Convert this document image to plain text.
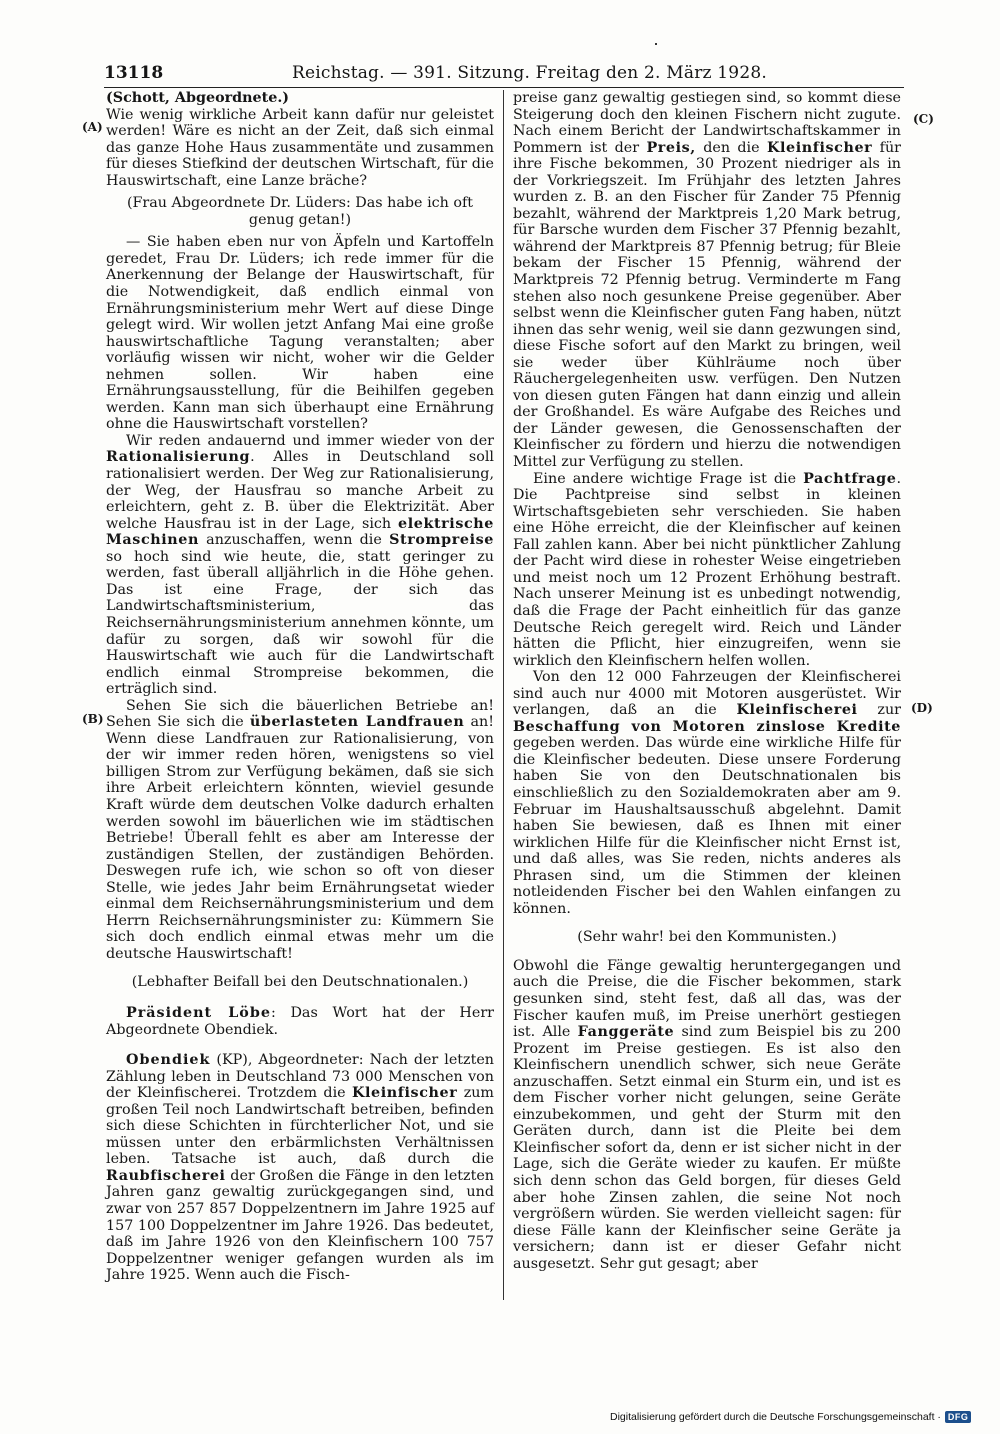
13118	Reichstag. — 391. Sitzung. Freitag den 2. März 1928.
(A)
(B)
(C)
(D)

(Schott, Abgeordnete.)

Wie wenig wirkliche Arbeit kann dafür nur geleistet werden! Wäre es nicht an der Zeit, daß sich einmal das ganze Hohe Haus zusammentäte und zusammen für dieses Stiefkind der deutschen Wirtschaft, für die Hauswirtschaft, eine Lanze bräche?

(Frau Abgeordnete Dr. Lüders: Das habe ich oft genug getan!)

— Sie haben eben nur von Äpfeln und Kartoffeln geredet, Frau Dr. Lüders; ich rede immer für die Anerkennung der Belange der Hauswirtschaft, für die Notwendigkeit, daß endlich einmal von Ernährungsministerium mehr Wert auf diese Dinge gelegt wird. Wir wollen jetzt Anfang Mai eine große hauswirtschaftliche Tagung veranstalten; aber vorläufig wissen wir nicht, woher wir die Gelder nehmen sollen. Wir haben eine Ernährungsausstellung, für die Beihilfen gegeben werden. Kann man sich überhaupt eine Ernährung ohne die Hauswirtschaft vorstellen?

Wir reden andauernd und immer wieder von der Rationalisierung. Alles in Deutschland soll rationalisiert werden. Der Weg zur Rationalisierung, der Weg, der Hausfrau so manche Arbeit zu erleichtern, geht z. B. über die Elektrizität. Aber welche Hausfrau ist in der Lage, sich elektrische Maschinen anzuschaffen, wenn die Strompreise so hoch sind wie heute, die, statt geringer zu werden, fast überall alljährlich in die Höhe gehen. Das ist eine Frage, der sich das Landwirtschaftsministerium, das Reichsernährungsministerium annehmen könnte, um dafür zu sorgen, daß wir sowohl für die Hauswirtschaft wie auch für die Landwirtschaft endlich einmal Strompreise bekommen, die erträglich sind.

Sehen Sie sich die bäuerlichen Betriebe an! Sehen Sie sich die überlasteten Landfrauen an! Wenn diese Landfrauen zur Rationalisierung, von der wir immer reden hören, wenigstens so viel billigen Strom zur Verfügung bekämen, daß sie sich ihre Arbeit erleichtern könnten, wieviel gesunde Kraft würde dem deutschen Volke dadurch erhalten werden sowohl im bäuerlichen wie im städtischen Betriebe! Überall fehlt es aber am Interesse der zuständigen Stellen, der zuständigen Behörden. Deswegen rufe ich, wie schon so oft von dieser Stelle, wie jedes Jahr beim Ernährungsetat wieder einmal dem Reichsernährungsministerium und dem Herrn Reichsernährungsminister zu: Kümmern Sie sich doch endlich einmal etwas mehr um die deutsche Hauswirtschaft!

(Lebhafter Beifall bei den Deutschnationalen.)

Präsident Löbe: Das Wort hat der Herr Abgeordnete Obendiek.

Obendiek (KP), Abgeordneter: Nach der letzten Zählung leben in Deutschland 73 000 Menschen von der Kleinfischerei. Trotzdem die Kleinfischer zum großen Teil noch Landwirtschaft betreiben, befinden sich diese Schichten in fürchterlicher Not, und sie müssen unter den erbärmlichsten Verhältnissen leben. Tatsache ist auch, daß durch die Raubfischerei der Großen die Fänge in den letzten Jahren ganz gewaltig zurückgegangen sind, und zwar von 257 857 Doppelzentnern im Jahre 1925 auf 157 100 Doppelzentner im Jahre 1926. Das bedeutet, daß im Jahre 1926 von den Kleinfischern 100 757 Doppelzentner weniger gefangen wurden als im Jahre 1925. Wenn auch die Fisch-

preise ganz gewaltig gestiegen sind, so kommt diese Steigerung doch den kleinen Fischern nicht zugute. Nach einem Bericht der Landwirtschaftskammer in Pommern ist der Preis, den die Kleinfischer für ihre Fische bekommen, 30 Prozent niedriger als in der Vorkriegszeit. Im Frühjahr des letzten Jahres wurden z. B. an den Fischer für Zander 75 Pfennig bezahlt, während der Marktpreis 1,20 Mark betrug, für Barsche wurden dem Fischer 37 Pfennig bezahlt, während der Marktpreis 87 Pfennig betrug; für Bleie bekam der Fischer 15 Pfennig, während der Marktpreis 72 Pfennig betrug. Verminderte m Fang stehen also noch gesunkene Preise gegenüber. Aber selbst wenn die Kleinfischer guten Fang haben, nützt ihnen das sehr wenig, weil sie dann gezwungen sind, diese Fische sofort auf den Markt zu bringen, weil sie weder über Kühlräume noch über Räuchergelegenheiten usw. verfügen. Den Nutzen von diesen guten Fängen hat dann einzig und allein der Großhandel. Es wäre Aufgabe des Reiches und der Länder gewesen, die Genossenschaften der Kleinfischer zu fördern und hierzu die notwendigen Mittel zur Verfügung zu stellen.

Eine andere wichtige Frage ist die Pachtfrage. Die Pachtpreise sind selbst in kleinen Wirtschaftsgebieten sehr verschieden. Sie haben eine Höhe erreicht, die der Kleinfischer auf keinen Fall zahlen kann. Aber bei nicht pünktlicher Zahlung der Pacht wird diese in rohester Weise eingetrieben und meist noch um 12 Prozent Erhöhung bestraft. Nach unserer Meinung ist es unbedingt notwendig, daß die Frage der Pacht einheitlich für das ganze Deutsche Reich geregelt wird. Reich und Länder hätten die Pflicht, hier einzugreifen, wenn sie wirklich den Kleinfischern helfen wollen.

Von den 12 000 Fahrzeugen der Kleinfischerei sind auch nur 4000 mit Motoren ausgerüstet. Wir verlangen, daß an die Kleinfischerei zur Beschaffung von Motoren zinslose Kredite gegeben werden. Das würde eine wirkliche Hilfe für die Kleinfischer bedeuten. Diese unsere Forderung haben Sie von den Deutschnationalen bis einschließlich zu den Sozialdemokraten aber am 9. Februar im Haushaltsausschuß abgelehnt. Damit haben Sie bewiesen, daß es Ihnen mit einer wirklichen Hilfe für die Kleinfischer nicht Ernst ist, und daß alles, was Sie reden, nichts anderes als Phrasen sind, um die Stimmen der kleinen notleidenden Fischer bei den Wahlen einfangen zu können.

(Sehr wahr! bei den Kommunisten.)

Obwohl die Fänge gewaltig heruntergegangen und auch die Preise, die die Fischer bekommen, stark gesunken sind, steht fest, daß all das, was der Fischer kaufen muß, im Preise unerhört gestiegen ist. Alle Fanggeräte sind zum Beispiel bis zu 200 Prozent im Preise gestiegen. Es ist also den Kleinfischern unendlich schwer, sich neue Geräte anzuschaffen. Setzt einmal ein Sturm ein, und ist es dem Fischer vorher nicht gelungen, seine Geräte einzubekommen, und geht der Sturm mit den Geräten durch, dann ist die Pleite bei dem Kleinfischer sofort da, denn er ist sicher nicht in der Lage, sich die Geräte wieder zu kaufen. Er müßte sich denn schon das Geld borgen, für dieses Geld aber hohe Zinsen zahlen, die seine Not noch vergrößern würden. Sie werden vielleicht sagen: für diese Fälle kann der Kleinfischer seine Geräte ja versichern; dann ist er dieser Gefahr nicht ausgesetzt. Sehr gut gesagt; aber

Digitalisierung gefördert durch die Deutsche Forschungsgemeinschaft · DFG
